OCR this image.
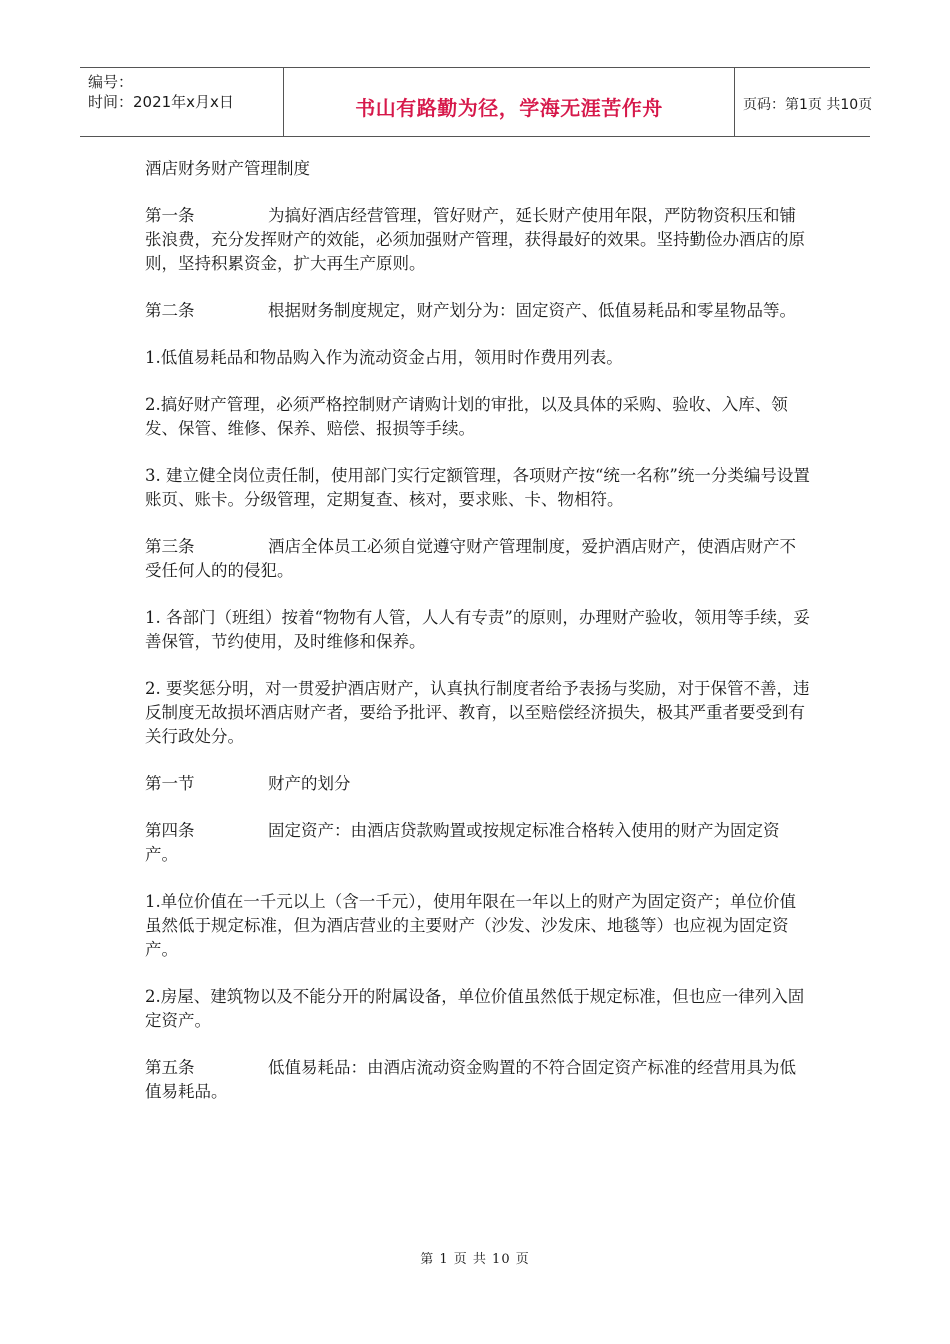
编号：
时间：2021年x月x日	书山有路勤为径，学海无涯苦作舟	页码：第1页 共10页

酒店财务财产管理制度

第一条	为搞好酒店经营管理，管好财产，延长财产使用年限，严防物资积压和铺张浪费，充分发挥财产的效能，必须加强财产管理，获得最好的效果。坚持勤俭办酒店的原则，坚持积累资金，扩大再生产原则。

第二条	根据财务制度规定，财产划分为：固定资产、低值易耗品和零星物品等。

1.低值易耗品和物品购入作为流动资金占用，领用时作费用列表。

2.搞好财产管理，必须严格控制财产请购计划的审批，以及具体的采购、验收、入库、领发、保管、维修、保养、赔偿、报损等手续。

3. 建立健全岗位责任制，使用部门实行定额管理，各项财产按“统一名称”统一分类编号设置账页、账卡。分级管理，定期复查、核对，要求账、卡、物相符。

第三条	酒店全体员工必须自觉遵守财产管理制度，爱护酒店财产，使酒店财产不受任何人的的侵犯。

1. 各部门（班组）按着“物物有人管，人人有专责”的原则，办理财产验收，领用等手续，妥善保管，节约使用，及时维修和保养。

2. 要奖惩分明，对一贯爱护酒店财产，认真执行制度者给予表扬与奖励，对于保管不善，违反制度无故损坏酒店财产者，要给予批评、教育，以至赔偿经济损失，极其严重者要受到有关行政处分。

第一节	财产的划分

第四条	固定资产：由酒店贷款购置或按规定标准合格转入使用的财产为固定资产。

1.单位价值在一千元以上（含一千元），使用年限在一年以上的财产为固定资产；单位价值虽然低于规定标准，但为酒店营业的主要财产（沙发、沙发床、地毯等）也应视为固定资产。

2.房屋、建筑物以及不能分开的附属设备，单位价值虽然低于规定标准，但也应一律列入固定资产。

第五条	低值易耗品：由酒店流动资金购置的不符合固定资产标准的经营用具为低值易耗品。

第 1 页 共 10 页
